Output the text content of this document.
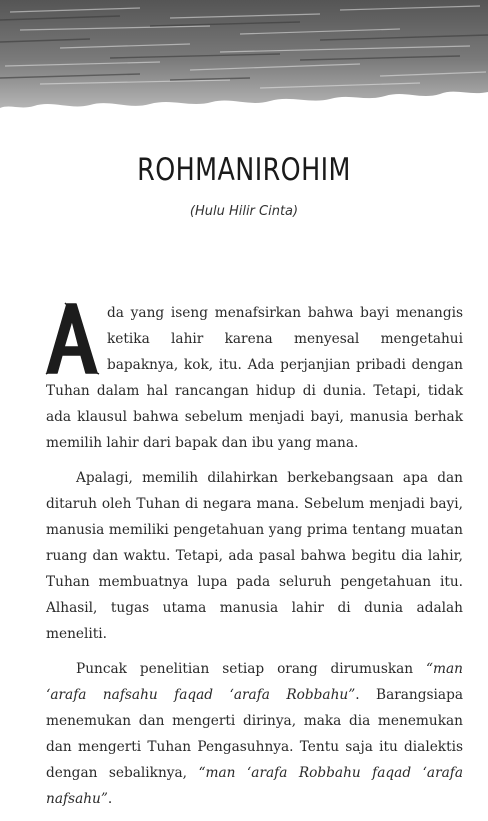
ROHMANIROHIM
(Hulu Hilir Cinta)

da yang iseng menafsirkan bahwa bayi menangis ketika lahir karena menyesal mengetahui bapaknya, kok, itu. Ada perjanjian pribadi dengan Tuhan dalam hal rancangan hidup di dunia. Tetapi, tidak ada klausul bahwa sebelum menjadi bayi, manusia berhak memilih lahir dari bapak dan ibu yang mana.

Apalagi, memilih dilahirkan berkebangsaan apa dan ditaruh oleh Tuhan di negara mana. Sebelum menjadi bayi, manusia memiliki pengetahuan yang prima tentang muatan ruang dan waktu. Tetapi, ada pasal bahwa begitu dia lahir, Tuhan membuatnya lupa pada seluruh pengetahuan itu. Alhasil, tugas utama manusia lahir di dunia adalah meneliti.

Puncak penelitian setiap orang dirumuskan “man ‘arafa nafsahu faqad ‘arafa Robbahu”. Barangsiapa menemukan dan mengerti dirinya, maka dia menemukan dan mengerti Tuhan Pengasuhnya. Tentu saja itu dialektis dengan sebaliknya, “man ‘arafa Robbahu faqad ‘arafa nafsahu”.
